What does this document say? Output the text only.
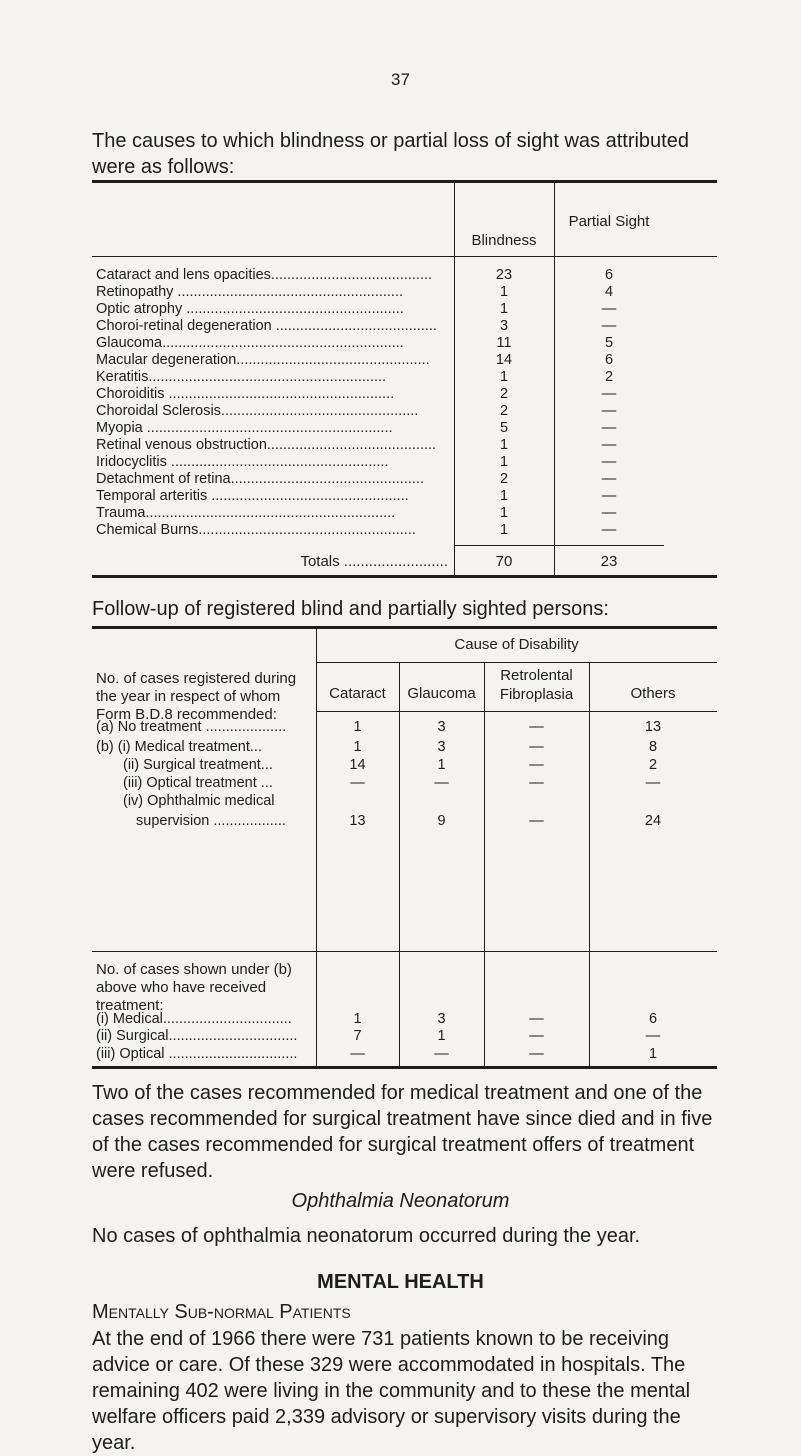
37
The causes to which blindness or partial loss of sight was attributed were as follows:
Blindness
Partial Sight
Cataract and lens opacities........................................	23	6
Retinopathy ........................................................	1	4
Optic atrophy ......................................................	1	—
Choroi-retinal degeneration ........................................	3	—
Glaucoma............................................................	11	5
Macular degeneration................................................	14	6
Keratitis...........................................................	1	2
Choroiditis ........................................................	2	—
Choroidal Sclerosis.................................................	2	—
Myopia .............................................................	5	—
Retinal venous obstruction..........................................	1	—
Iridocyclitis ......................................................	1	—
Detachment of retina................................................	2	—
Temporal arteritis .................................................	1	—
Trauma..............................................................	1	—
Chemical Burns......................................................	1	—
Totals .........................	70	23
Follow-up of registered blind and partially sighted persons:
Cause of Disability
Cataract	Glaucoma
Retrolental Fibroplasia	Others
No. of cases registered during the year in respect of whom Form B.D.8 recommended:
No. of cases shown under (b) above who have received treatment:
(a) No treatment ....................	1	3	—	13
(b) (i) Medical treatment...	1	3	—	8
(ii) Surgical treatment...	14	1	—	2
(iii) Optical treatment ...	—	—	—	—
(iv) Ophthalmic medical
supervision ..................	13	9	—	24
(i) Medical................................	1	3	—	6
(ii) Surgical................................	7	1	—	—
(iii) Optical ................................	—	—	—	1
Two of the cases recommended for medical treatment and one of the cases recommended for surgical treatment have since died and in five of the cases recommended for surgical treatment offers of treatment were refused.
Ophthalmia Neonatorum
No cases of ophthalmia neonatorum occurred during the year.
MENTAL HEALTH
Mentally Sub-normal Patients
At the end of 1966 there were 731 patients known to be receiving advice or care. Of these 329 were accommodated in hospitals. The remaining 402 were living in the community and to these the mental welfare officers paid 2,339 advisory or supervisory visits during the year.
